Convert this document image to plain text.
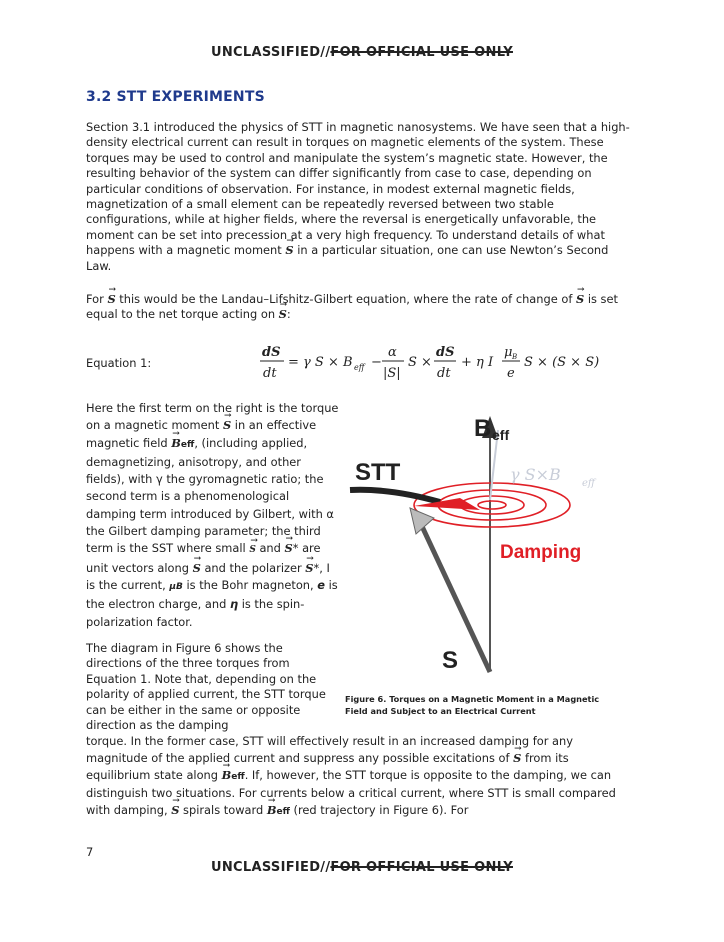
UNCLASSIFIED//FOR OFFICIAL USE ONLY
3.2 STT EXPERIMENTS
Section 3.1 introduced the physics of STT in magnetic nanosystems. We have seen that a high-density electrical current can result in torques on magnetic elements of the system. These torques may be used to control and manipulate the system’s magnetic state. However, the resulting behavior of the system can differ significantly from case to case, depending on particular conditions of observation. For instance, in modest external magnetic fields, magnetization of a small element can be repeatedly reversed between two stable configurations, while at higher fields, where the reversal is energetically unfavorable, the moment can be set into precession at a very high frequency. To understand details of what happens with a magnetic moment → S in a particular situation, one can use Newton’s Second Law.
For → S this would be the Landau–Lifshitz-Gilbert equation, where the rate of change of → S is set equal to the net torque acting on → S:
Equation 1:
dS
dt
= γ S × B eff −
α
|S|
S ×
dS
dt
+ η I
μ B
e
S × (S × S)
Here the first term on the right is the torque on a magnetic moment → S in an effective magnetic field → Beff, (including applied, demagnetizing, anisotropy, and other fields), with γ the gyromagnetic ratio; the second term is a phenomenological damping term introduced by Gilbert, with α the Gilbert damping parameter; the third term is the SST where small → S and → S* are unit vectors along → S and the polarizer → S*, I is the current, μB is the Bohr magneton, e is the electron charge, and η is the spin-polarization factor.
The diagram in Figure 6 shows the directions of the three torques from Equation 1. Note that, depending on the polarity of applied current, the STT torque can be either in the same or opposite direction as the damping
B eff
STT
Damping
S
γ S×B eff
Figure 6. Torques on a Magnetic Moment in a Magnetic Field and Subject to an Electrical Current
torque. In the former case, STT will effectively result in an increased damping for any magnitude of the applied current and suppress any possible excitations of → S from its equilibrium state along → Beff. If, however, the STT torque is opposite to the damping, we can distinguish two situations. For currents below a critical current, where STT is small compared with damping, → S spirals toward → Beff (red trajectory in Figure 6). For
7
UNCLASSIFIED//FOR OFFICIAL USE ONLY
